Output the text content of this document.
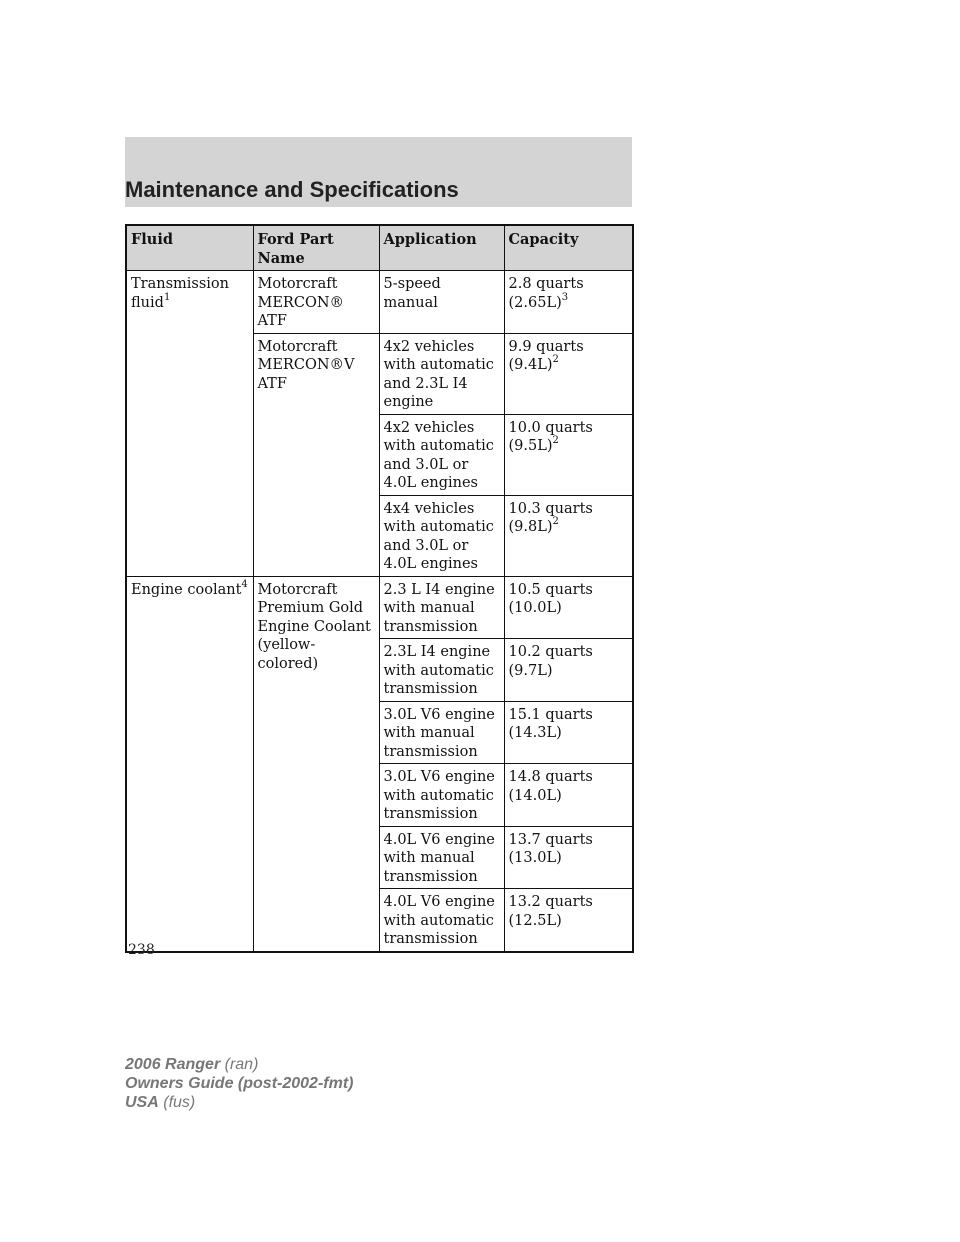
Maintenance and Specifications
Fluid	Ford Part Name	Application	Capacity
Transmission fluid$^1$	Motorcraft MERCON® ATF	5-speed manual	2.8 quarts $(2.65L)^3$
	Motorcraft MERCON®V ATF	4x2 vehicles with automatic and 2.3L I4 engine	9.9 quarts $(9.4L)^2$
		4x2 vehicles with automatic and 3.0L or 4.0L engines	10.0 quarts $(9.5L)^2$
		4x4 vehicles with automatic and 3.0L or 4.0L engines	10.3 quarts $(9.8L)^2$
Engine coolant$^4$	Motorcraft Premium Gold Engine Coolant (yellow-colored)	2.3 L I4 engine with manual transmission	10.5 quarts (10.0L)
		2.3L I4 engine with automatic transmission	10.2 quarts (9.7L)
		3.0L V6 engine with manual transmission	15.1 quarts (14.3L)
		3.0L V6 engine with automatic transmission	14.8 quarts (14.0L)
		4.0L V6 engine with manual transmission	13.7 quarts (13.0L)
		4.0L V6 engine with automatic transmission	13.2 quarts (12.5L)
238
2006 Ranger (ran)
Owners Guide (post-2002-fmt)
USA (fus)
